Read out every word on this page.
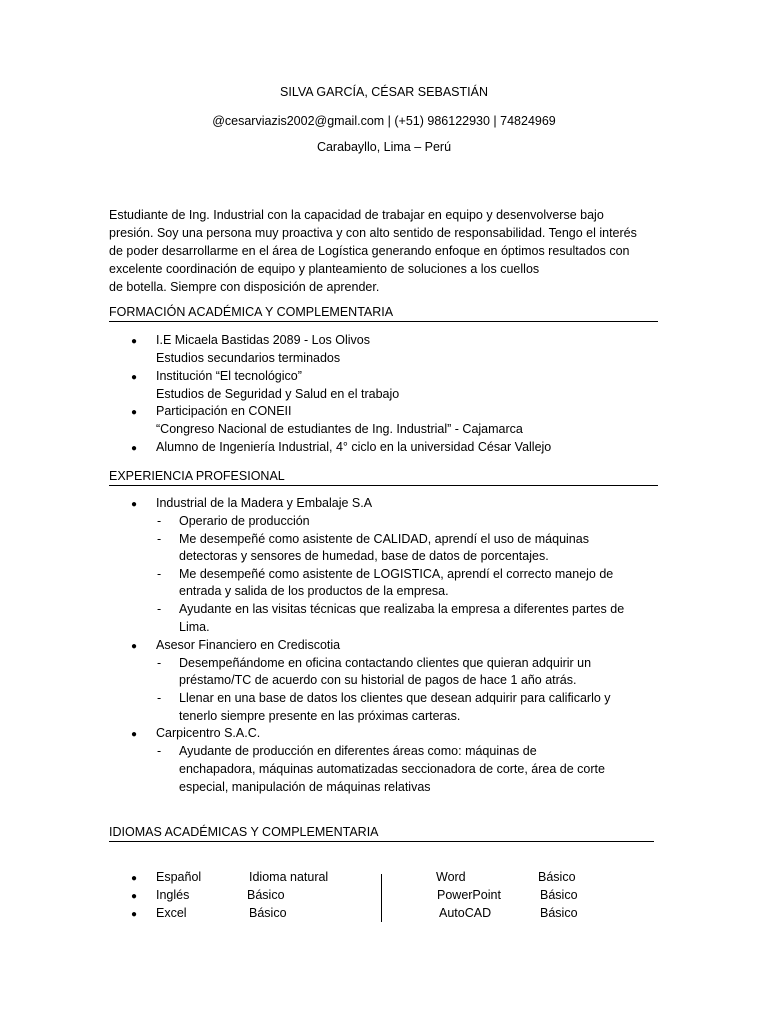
SILVA GARCÍA, CÉSAR SEBASTIÁN
@cesarviazis2002@gmail.com | (+51) 986122930 | 74824969
Carabayllo, Lima – Perú
Estudiante de Ing. Industrial con la capacidad de trabajar en equipo y desenvolverse bajo
presión. Soy una persona muy proactiva y con alto sentido de responsabilidad. Tengo el interés
de poder desarrollarme en el área de Logística generando enfoque en óptimos resultados con
excelente coordinación de equipo y planteamiento de soluciones a los cuellos
de botella. Siempre con disposición de aprender.
FORMACIÓN ACADÉMICA Y COMPLEMENTARIA
● I.E Micaela Bastidas 2089 - Los Olivos
Estudios secundarios terminados
● Institución “El tecnológico”
Estudios de Seguridad y Salud en el trabajo
● Participación en CONEII
“Congreso Nacional de estudiantes de Ing. Industrial” - Cajamarca
● Alumno de Ingeniería Industrial, 4° ciclo en la universidad César Vallejo
EXPERIENCIA PROFESIONAL
● Industrial de la Madera y Embalaje S.A
- Operario de producción
- Me desempeñé como asistente de CALIDAD, aprendí el uso de máquinas
detectoras y sensores de humedad, base de datos de porcentajes.
- Me desempeñé como asistente de LOGISTICA, aprendí el correcto manejo de
entrada y salida de los productos de la empresa.
- Ayudante en las visitas técnicas que realizaba la empresa a diferentes partes de
Lima.
● Asesor Financiero en Crediscotia
- Desempeñándome en oficina contactando clientes que quieran adquirir un
préstamo/TC de acuerdo con su historial de pagos de hace 1 año atrás.
- Llenar en una base de datos los clientes que desean adquirir para calificarlo y
tenerlo siempre presente en las próximas carteras.
● Carpicentro S.A.C.
- Ayudante de producción en diferentes áreas como: máquinas de
enchapadora, máquinas automatizadas seccionadora de corte, área de corte
especial, manipulación de máquinas relativas
IDIOMAS ACADÉMICAS Y COMPLEMENTARIA
● Español	Idioma natural	Word	Básico
● Inglés	Básico	PowerPoint	Básico
● Excel	Básico	AutoCAD	Básico
